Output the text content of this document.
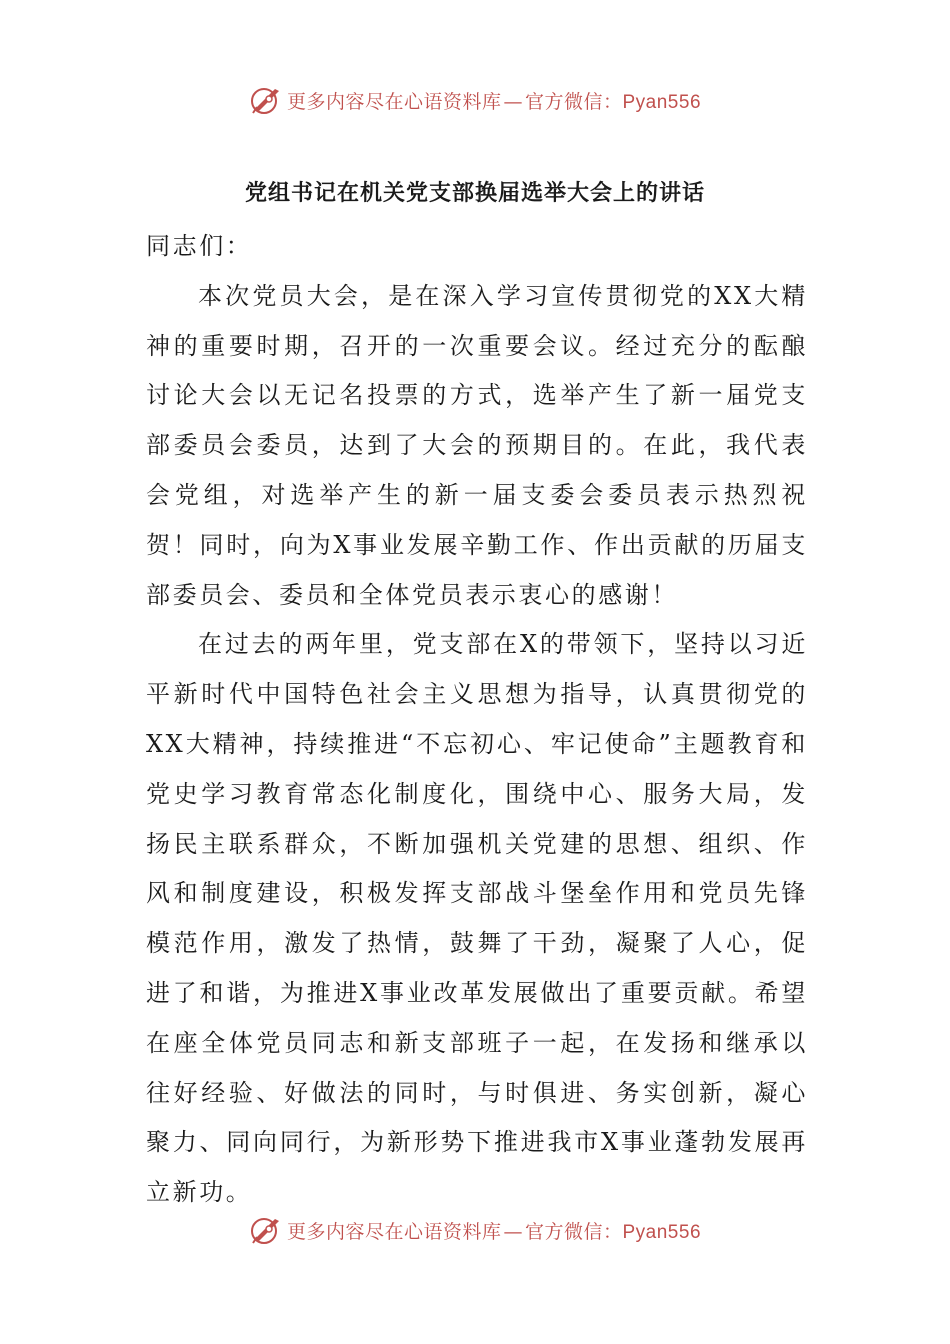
更多内容尽在心语资料库 — 官方微信：Pyan556
党组书记在机关党支部换届选举大会上的讲话

同志们：

本次党员大会，是在深入学习宣传贯彻党的XX大精神的重要时期，召开的一次重要会议。经过充分的酝酿讨论大会以无记名投票的方式，选举产生了新一届党支部委员会委员，达到了大会的预期目的。在此，我代表会党组，对选举产生的新一届支委会委员表示热烈祝贺！同时，向为X事业发展辛勤工作、作出贡献的历届支部委员会、委员和全体党员表示衷心的感谢！

在过去的两年里，党支部在X的带领下，坚持以习近平新时代中国特色社会主义思想为指导，认真贯彻党的XX大精神，持续推进“不忘初心、牢记使命”主题教育和党史学习教育常态化制度化，围绕中心、服务大局，发扬民主联系群众，不断加强机关党建的思想、组织、作风和制度建设，积极发挥支部战斗堡垒作用和党员先锋模范作用，激发了热情，鼓舞了干劲，凝聚了人心，促进了和谐，为推进X事业改革发展做出了重要贡献。希望在座全体党员同志和新支部班子一起，在发扬和继承以往好经验、好做法的同时，与时俱进、务实创新，凝心聚力、同向同行，为新形势下推进我市X事业蓬勃发展再立新功。

更多内容尽在心语资料库 — 官方微信：Pyan556
